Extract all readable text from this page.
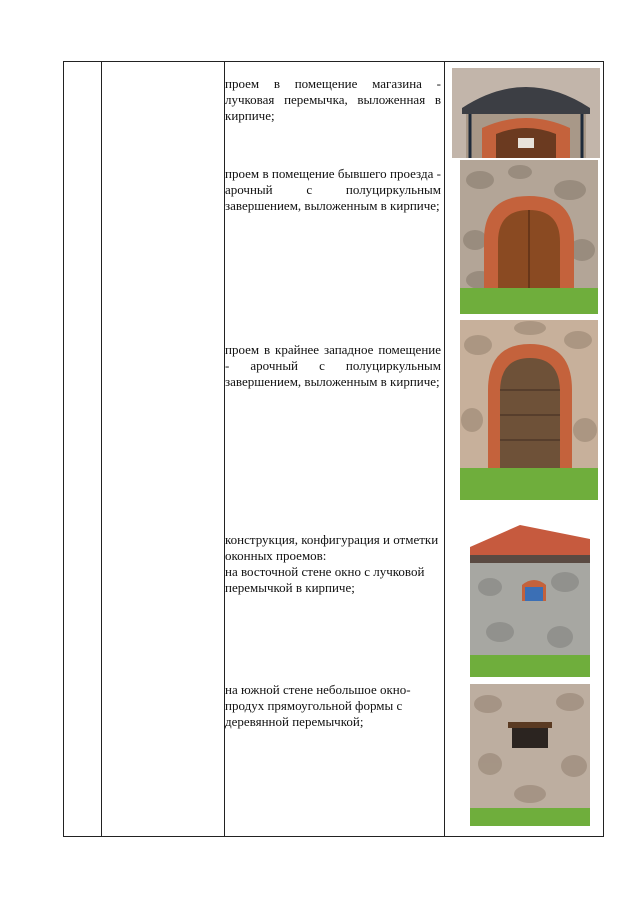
проем в помещение магазина - лучковая перемычка, выложенная в кирпиче;

проем в помещение бывшего проезда - арочный с полуциркульным завершением, выложенным в кирпиче;

проем в крайнее западное помещение - арочный с полуциркульным завершением, выложенным в кирпиче;

конструкция, конфигурация и отметки
оконных проемов:
на восточной стене окно с лучковой
перемычкой в кирпиче;
на южной стене небольшое окно-
продух прямоугольной формы с
деревянной перемычкой;
